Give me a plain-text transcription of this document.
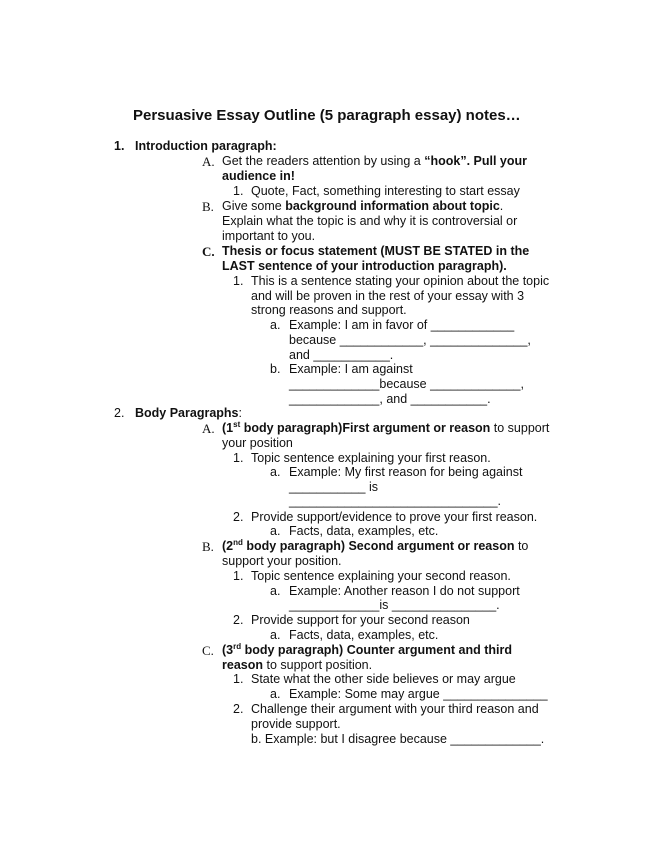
Persuasive Essay Outline (5 paragraph essay) notes…
1. Introduction paragraph:
A. Get the readers attention by using a “hook”. Pull your
audience in!
1. Quote, Fact, something interesting to start essay
B. Give some background information about topic.
Explain what the topic is and why it is controversial or
important to you.
C. Thesis or focus statement (MUST BE STATED in the
LAST sentence of your introduction paragraph).
1. This is a sentence stating your opinion about the topic
and will be proven in the rest of your essay with 3
strong reasons and support.
a. Example: I am in favor of ____________
because ____________, ______________,
and ___________.
b. Example: I am against
_____________because _____________,
_____________, and ___________.
2. Body Paragraphs:
A. (1st body paragraph)First argument or reason to support
your position
1. Topic sentence explaining your first reason.
a. Example: My first reason for being against
___________ is
______________________________.
2. Provide support/evidence to prove your first reason.
a. Facts, data, examples, etc.
B. (2nd body paragraph) Second argument or reason to
support your position.
1. Topic sentence explaining your second reason.
a. Example: Another reason I do not support
_____________is _______________.
2. Provide support for your second reason
a. Facts, data, examples, etc.
C. (3rd body paragraph) Counter argument and third
reason to support position.
1. State what the other side believes or may argue
a. Example: Some may argue _______________
2. Challenge their argument with your third reason and
provide support.
b. Example: but I disagree because _____________.
